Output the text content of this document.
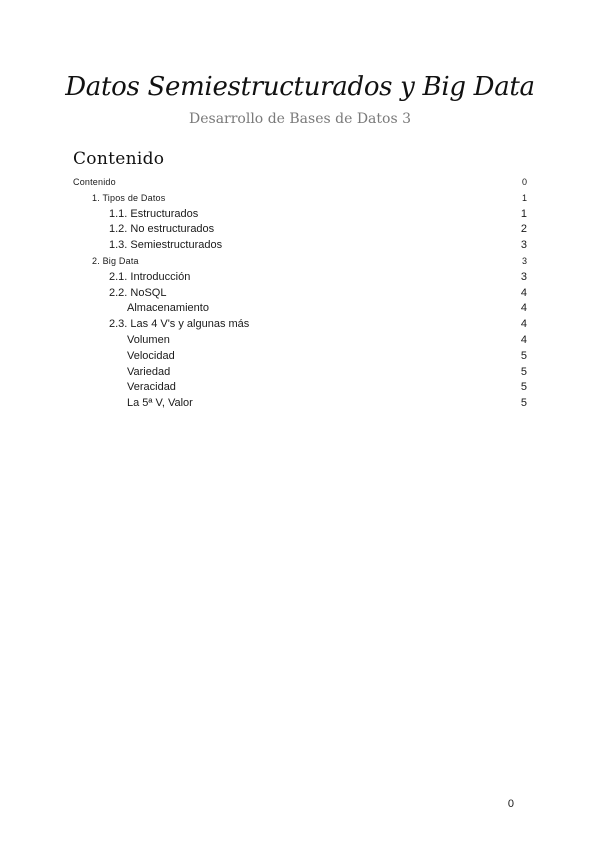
Datos Semiestructurados y Big Data
Desarrollo de Bases de Datos 3
Contenido
Contenido	0
1. Tipos de Datos	1
1.1. Estructurados	1
1.2. No estructurados	2
1.3. Semiestructurados	3
2. Big Data	3
2.1. Introducción	3
2.2. NoSQL	4
Almacenamiento	4
2.3. Las 4 V's y algunas más	4
Volumen	4
Velocidad	5
Variedad	5
Veracidad	5
La 5ª V, Valor	5
0
